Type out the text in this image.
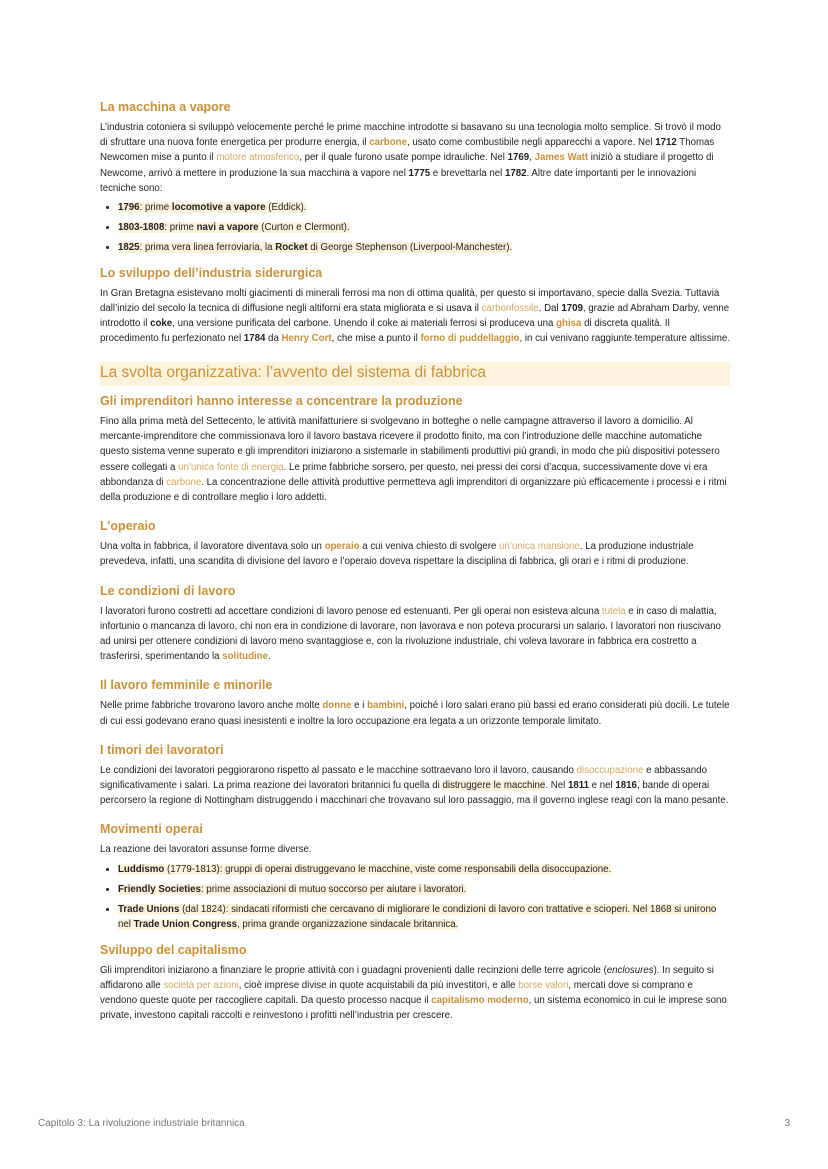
La macchina a vapore

L’industria cotoniera si sviluppò velocemente perché le prime macchine introdotte si basavano su una tecnologia molto semplice. Si trovò il modo di sfruttare una nuova fonte energetica per produrre energia, il carbone, usato come combustibile negli apparecchi a vapore. Nel 1712 Thomas Newcomen mise a punto il motore atmosferico, per il quale furono usate pompe idrauliche. Nel 1769, James Watt iniziò a studiare il progetto di Newcome, arrivò a mettere in produzione la sua macchina a vapore nel 1775 e brevettarla nel 1782. Altre date importanti per le innovazioni tecniche sono:

• 1796: prime locomotive a vapore (Eddick).
• 1803-1808: prime navi a vapore (Curton e Clermont).
• 1825: prima vera linea ferroviaria, la Rocket di George Stephenson (Liverpool-Manchester).
Lo sviluppo dell’industria siderurgica

In Gran Bretagna esistevano molti giacimenti di minerali ferrosi ma non di ottima qualità, per questo si importavano, specie dalla Svezia. Tuttavia dall’inizio del secolo la tecnica di diffusione negli altiforni era stata migliorata e si usava il carbonfossile. Dal 1709, grazie ad Abraham Darby, venne introdotto il coke, una versione purificata del carbone. Unendo il coke ai materiali ferrosi si produceva una ghisa di discreta qualità. Il procedimento fu perfezionato nel 1784 da Henry Cort, che mise a punto il forno di puddellaggio, in cui venivano raggiunte temperature altissime.

La svolta organizzativa: l’avvento del sistema di fabbrica
Gli imprenditori hanno interesse a concentrare la produzione

Fino alla prima metà del Settecento, le attività manifatturiere si svolgevano in botteghe o nelle campagne attraverso il lavoro a domicilio. Al mercante-imprenditore che commissionava loro il lavoro bastava ricevere il prodotto finito, ma con l’introduzione delle macchine automatiche questo sistema venne superato e gli imprenditori iniziarono a sistemarle in stabilimenti produttivi più grandi, in modo che più dispositivi potessero essere collegati a un’unica fonte di energia. Le prime fabbriche sorsero, per questo, nei pressi dei corsi d’acqua, successivamente dove vi era abbondanza di carbone. La concentrazione delle attività produttive permetteva agli imprenditori di organizzare più efficacemente i processi e i ritmi della produzione e di controllare meglio i loro addetti.

L’operaio

Una volta in fabbrica, il lavoratore diventava solo un operaio a cui veniva chiesto di svolgere un’unica mansione. La produzione industriale prevedeva, infatti, una scandita di divisione del lavoro e l’operaio doveva rispettare la disciplina di fabbrica, gli orari e i ritmi di produzione.

Le condizioni di lavoro

I lavoratori furono costretti ad accettare condizioni di lavoro penose ed estenuanti. Per gli operai non esisteva alcuna tutela e in caso di malattia, infortunio o mancanza di lavoro, chi non era in condizione di lavorare, non lavorava e non poteva procurarsi un salario. I lavoratori non riuscivano ad unirsi per ottenere condizioni di lavoro meno svantaggiose e, con la rivoluzione industriale, chi voleva lavorare in fabbrica era costretto a trasferirsi, sperimentando la solitudine.

Il lavoro femminile e minorile

Nelle prime fabbriche trovarono lavoro anche molte donne e i bambini, poiché i loro salari erano più bassi ed erano considerati più docili. Le tutele di cui essi godevano erano quasi inesistenti e inoltre la loro occupazione era legata a un orizzonte temporale limitato.

I timori dei lavoratori

Le condizioni dei lavoratori peggiorarono rispetto al passato e le macchine sottraevano loro il lavoro, causando disoccupazione e abbassando significativamente i salari. La prima reazione dei lavoratori britannici fu quella di distruggere le macchine. Nel 1811 e nel 1816, bande di operai percorsero la regione di Nottingham distruggendo i macchinari che trovavano sul loro passaggio, ma il governo inglese reagì con la mano pesante.

Movimenti operai

La reazione dei lavoratori assunse forme diverse.

• Luddismo (1779-1813): gruppi di operai distruggevano le macchine, viste come responsabili della disoccupazione.
• Friendly Societies: prime associazioni di mutuo soccorso per aiutare i lavoratori.
• Trade Unions (dal 1824): sindacati riformisti che cercavano di migliorare le condizioni di lavoro con trattative e scioperi. Nel 1868 si unirono nel Trade Union Congress, prima grande organizzazione sindacale britannica.
Sviluppo del capitalismo

Gli imprenditori iniziarono a finanziare le proprie attività con i guadagni provenienti dalle recinzioni delle terre agricole (enclosures). In seguito si affidarono alle società per azioni, cioè imprese divise in quote acquistabili da più investitori, e alle borse valori, mercati dove si comprano e vendono queste quote per raccogliere capitali. Da questo processo nacque il capitalismo moderno, un sistema economico in cui le imprese sono private, investono capitali raccolti e reinvestono i profitti nell’industria per crescere.

Capitolo 3: La rivoluzione industriale britannica	3
